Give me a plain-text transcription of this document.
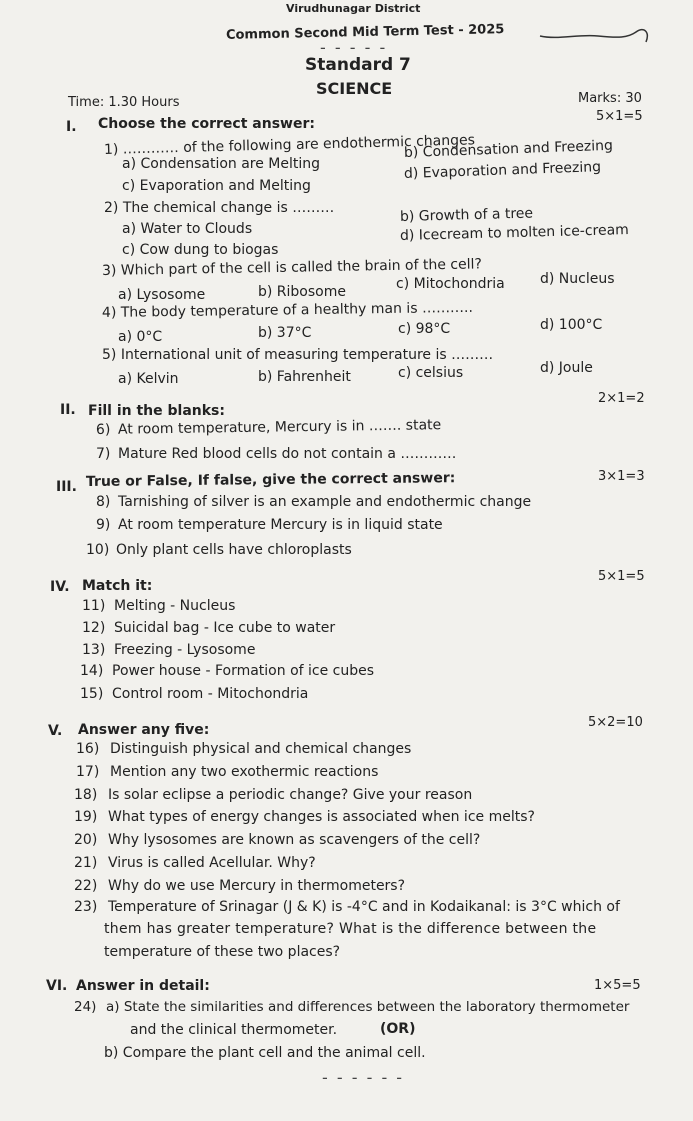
Virudhunagar District
Common Second Mid Term Test - 2025
- - - - -
Standard 7
SCIENCE
Time: 1.30 Hours	Marks: 30
5×1=5
I. Choose the correct answer:
1) ………… of the following are endothermic changes
a) Condensation are Melting
b) Condensation and Freezing
c) Evaporation and Melting
d) Evaporation and Freezing
2) The chemical change is ………
a) Water to Clouds
b) Growth of a tree
c) Cow dung to biogas
d) Icecream to molten ice-cream
3) Which part of the cell is called the brain of the cell?
a) Lysosome	b) Ribosome	c) Mitochondria	d) Nucleus
4) The body temperature of a healthy man is ………..
a) 0°C	b) 37°C	c) 98°C	d) 100°C
5) International unit of measuring temperature is ………
a) Kelvin	b) Fahrenheit	c) celsius	d) Joule
2×1=2
II. Fill in the blanks:
6) At room temperature, Mercury is in ……. state
7) Mature Red blood cells do not contain a …………
3×1=3
III. True or False, If false, give the correct answer:
8) Tarnishing of silver is an example and endothermic change
9) At room temperature Mercury is in liquid state
10) Only plant cells have chloroplasts
5×1=5
IV. Match it:
11) Melting - Nucleus
12) Suicidal bag - Ice cube to water
13) Freezing - Lysosome
14) Power house - Formation of ice cubes
15) Control room - Mitochondria
5×2=10
V. Answer any five:
16) Distinguish physical and chemical changes
17) Mention any two exothermic reactions
18) Is solar eclipse a periodic change? Give your reason
19) What types of energy changes is associated when ice melts?
20) Why lysosomes are known as scavengers of the cell?
21) Virus is called Acellular. Why?
22) Why do we use Mercury in thermometers?
23) Temperature of Srinagar (J & K) is -4°C and in Kodaikanal: is 3°C which of
them has greater temperature? What is the difference between the
temperature of these two places?
1×5=5
VI. Answer in detail:
24) a) State the similarities and differences between the laboratory thermometer
and the clinical thermometer.	(OR)
b) Compare the plant cell and the animal cell.
- - - - - -
